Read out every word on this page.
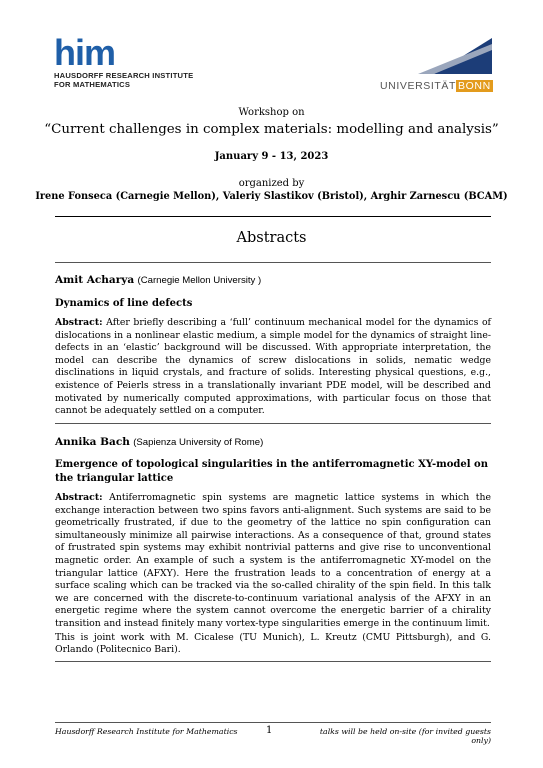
him
HAUSDORFF RESEARCH INSTITUTE
FOR MATHEMATICS	UNIVERSITÄT BONN
Workshop on
“Current challenges in complex materials: modelling and analysis”
January 9 - 13, 2023
organized by
Irene Fonseca (Carnegie Mellon), Valeriy Slastikov (Bristol), Arghir Zarnescu (BCAM)
Abstracts
Amit Acharya (Carnegie Mellon University )
Dynamics of line defects
Abstract: After briefly describing a ‘full’ continuum mechanical model for the dynamics of dislocations in a nonlinear elastic medium, a simple model for the dynamics of straight line-defects in an ‘elastic’ background will be discussed. With appropriate interpretation, the model can describe the dynamics of screw dislocations in solids, nematic wedge disclinations in liquid crystals, and fracture of solids. Interesting physical questions, e.g., existence of Peierls stress in a translationally invariant PDE model, will be described and motivated by numerically computed approximations, with particular focus on those that cannot be adequately settled on a computer.
Annika Bach (Sapienza University of Rome)
Emergence of topological singularities in the antiferromagnetic XY-model on the triangular lattice
Abstract: Antiferromagnetic spin systems are magnetic lattice systems in which the exchange interaction between two spins favors anti-alignment. Such systems are said to be geometrically frustrated, if due to the geometry of the lattice no spin configuration can simultaneously minimize all pairwise interactions. As a consequence of that, ground states of frustrated spin systems may exhibit nontrivial patterns and give rise to unconventional magnetic order. An example of such a system is the antiferromagnetic XY-model on the triangular lattice (AFXY). Here the frustration leads to a concentration of energy at a surface scaling which can be tracked via the so-called chirality of the spin field. In this talk we are concerned with the discrete-to-continuum variational analysis of the AFXY in an energetic regime where the system cannot overcome the energetic barrier of a chirality transition and instead finitely many vortex-type singularities emerge in the continuum limit.
This is joint work with M. Cicalese (TU Munich), L. Kreutz (CMU Pittsburgh), and G. Orlando (Politecnico Bari).
Hausdorff Research Institute for Mathematics	1	talks will be held on-site (for invited guests only)
